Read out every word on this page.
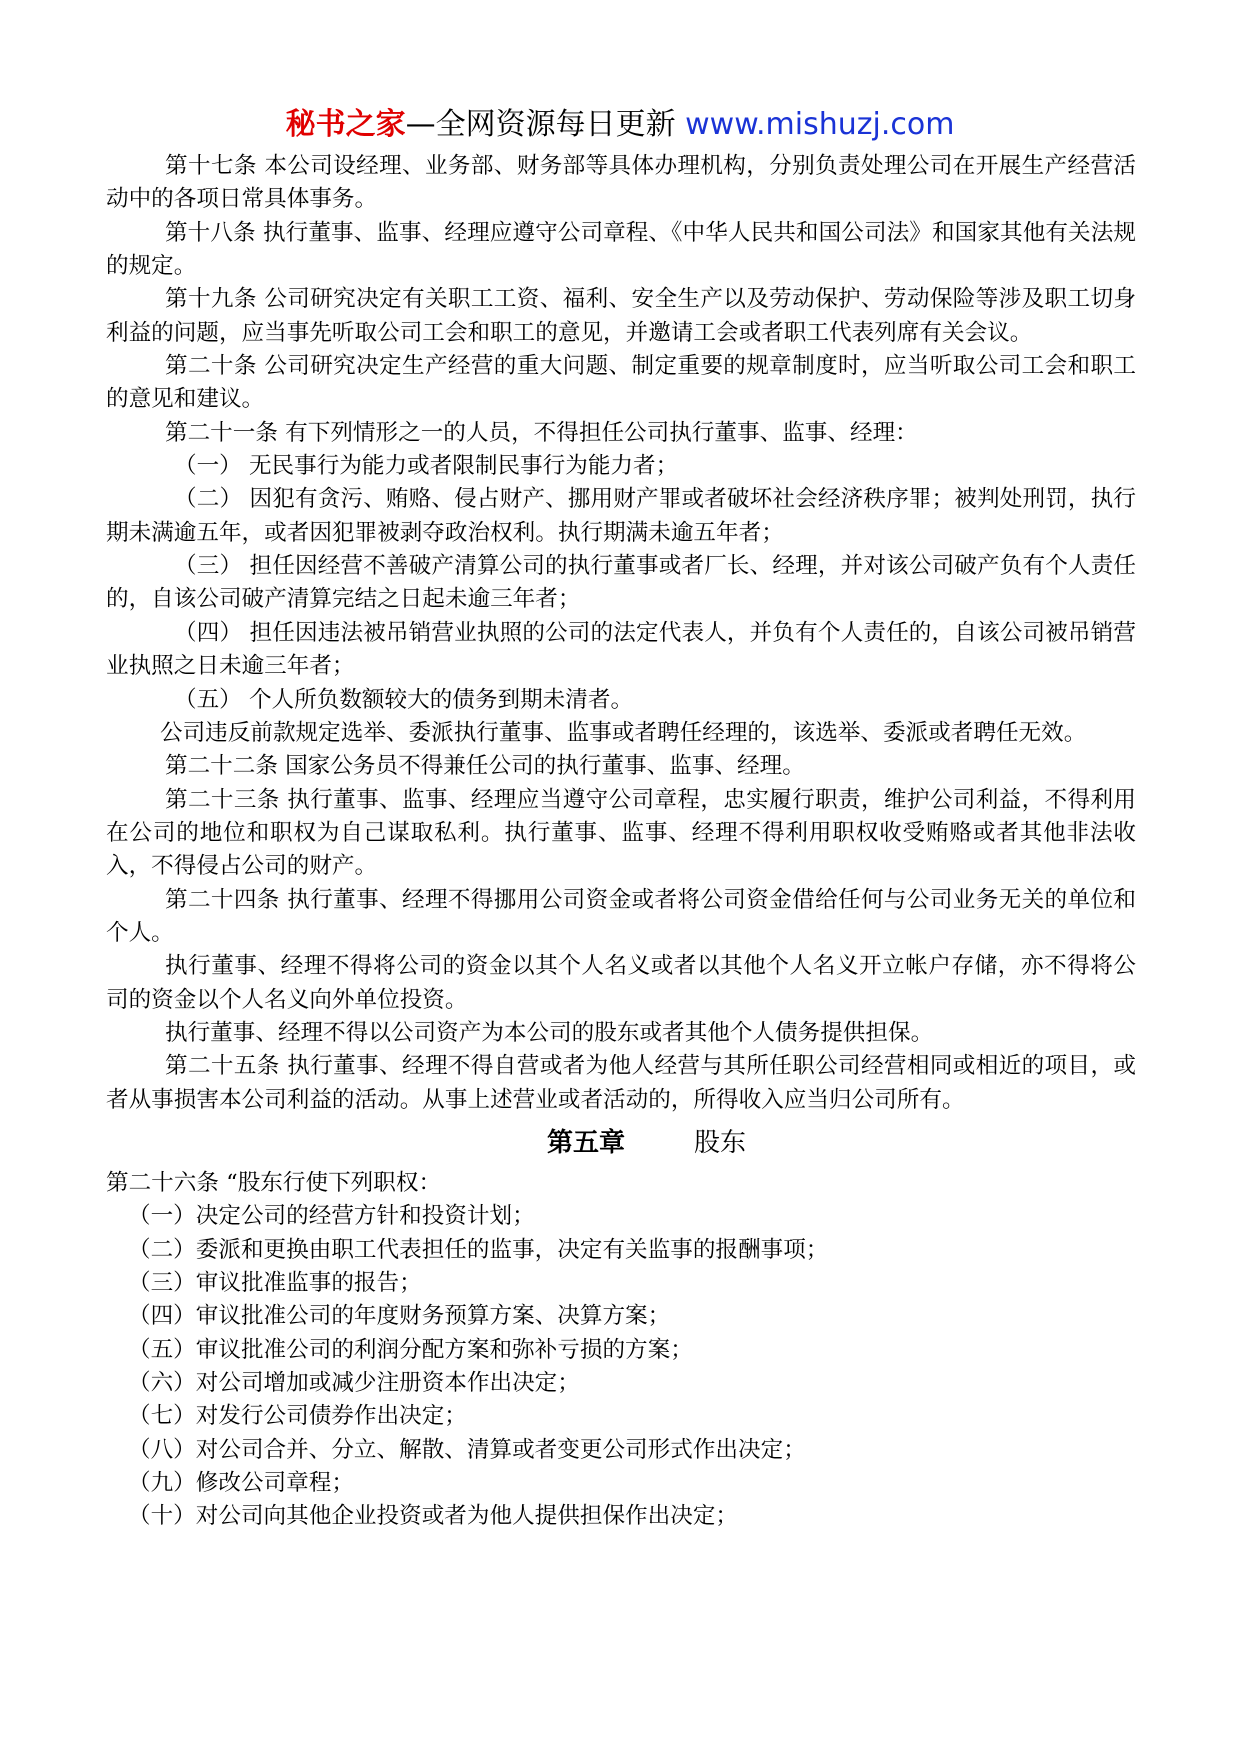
秘书之家—全网资源每日更新 www.mishuzj.com

第十七条 本公司设经理、业务部、财务部等具体办理机构，分别负责处理公司在开展生产经营活动中的各项日常具体事务。

第十八条 执行董事、监事、经理应遵守公司章程、《中华人民共和国公司法》和国家其他有关法规的规定。

第十九条 公司研究决定有关职工工资、福利、安全生产以及劳动保护、劳动保险等涉及职工切身利益的问题，应当事先听取公司工会和职工的意见，并邀请工会或者职工代表列席有关会议。

第二十条 公司研究决定生产经营的重大问题、制定重要的规章制度时，应当听取公司工会和职工的意见和建议。

第二十一条 有下列情形之一的人员，不得担任公司执行董事、监事、经理：

（一） 无民事行为能力或者限制民事行为能力者；

（二） 因犯有贪污、贿赂、侵占财产、挪用财产罪或者破坏社会经济秩序罪；被判处刑罚，执行期未满逾五年，或者因犯罪被剥夺政治权利。执行期满未逾五年者；

（三） 担任因经营不善破产清算公司的执行董事或者厂长、经理，并对该公司破产负有个人责任的，自该公司破产清算完结之日起未逾三年者；

（四） 担任因违法被吊销营业执照的公司的法定代表人，并负有个人责任的，自该公司被吊销营业执照之日未逾三年者；

（五） 个人所负数额较大的债务到期未清者。

公司违反前款规定选举、委派执行董事、监事或者聘任经理的，该选举、委派或者聘任无效。

第二十二条 国家公务员不得兼任公司的执行董事、监事、经理。

第二十三条 执行董事、监事、经理应当遵守公司章程，忠实履行职责，维护公司利益，不得利用在公司的地位和职权为自己谋取私利。执行董事、监事、经理不得利用职权收受贿赂或者其他非法收入，不得侵占公司的财产。

第二十四条 执行董事、经理不得挪用公司资金或者将公司资金借给任何与公司业务无关的单位和个人。

执行董事、经理不得将公司的资金以其个人名义或者以其他个人名义开立帐户存储，亦不得将公司的资金以个人名义向外单位投资。

执行董事、经理不得以公司资产为本公司的股东或者其他个人债务提供担保。

第二十五条 执行董事、经理不得自营或者为他人经营与其所任职公司经营相同或相近的项目，或者从事损害本公司利益的活动。从事上述营业或者活动的，所得收入应当归公司所有。

第五章	股东

第二十六条 “股东行使下列职权：

（一）决定公司的经营方针和投资计划；

（二）委派和更换由职工代表担任的监事，决定有关监事的报酬事项；

（三）审议批准监事的报告；

（四）审议批准公司的年度财务预算方案、决算方案；

（五）审议批准公司的利润分配方案和弥补亏损的方案；

（六）对公司增加或减少注册资本作出决定；

（七）对发行公司债券作出决定；

（八）对公司合并、分立、解散、清算或者变更公司形式作出决定；

（九）修改公司章程；

（十）对公司向其他企业投资或者为他人提供担保作出决定；
